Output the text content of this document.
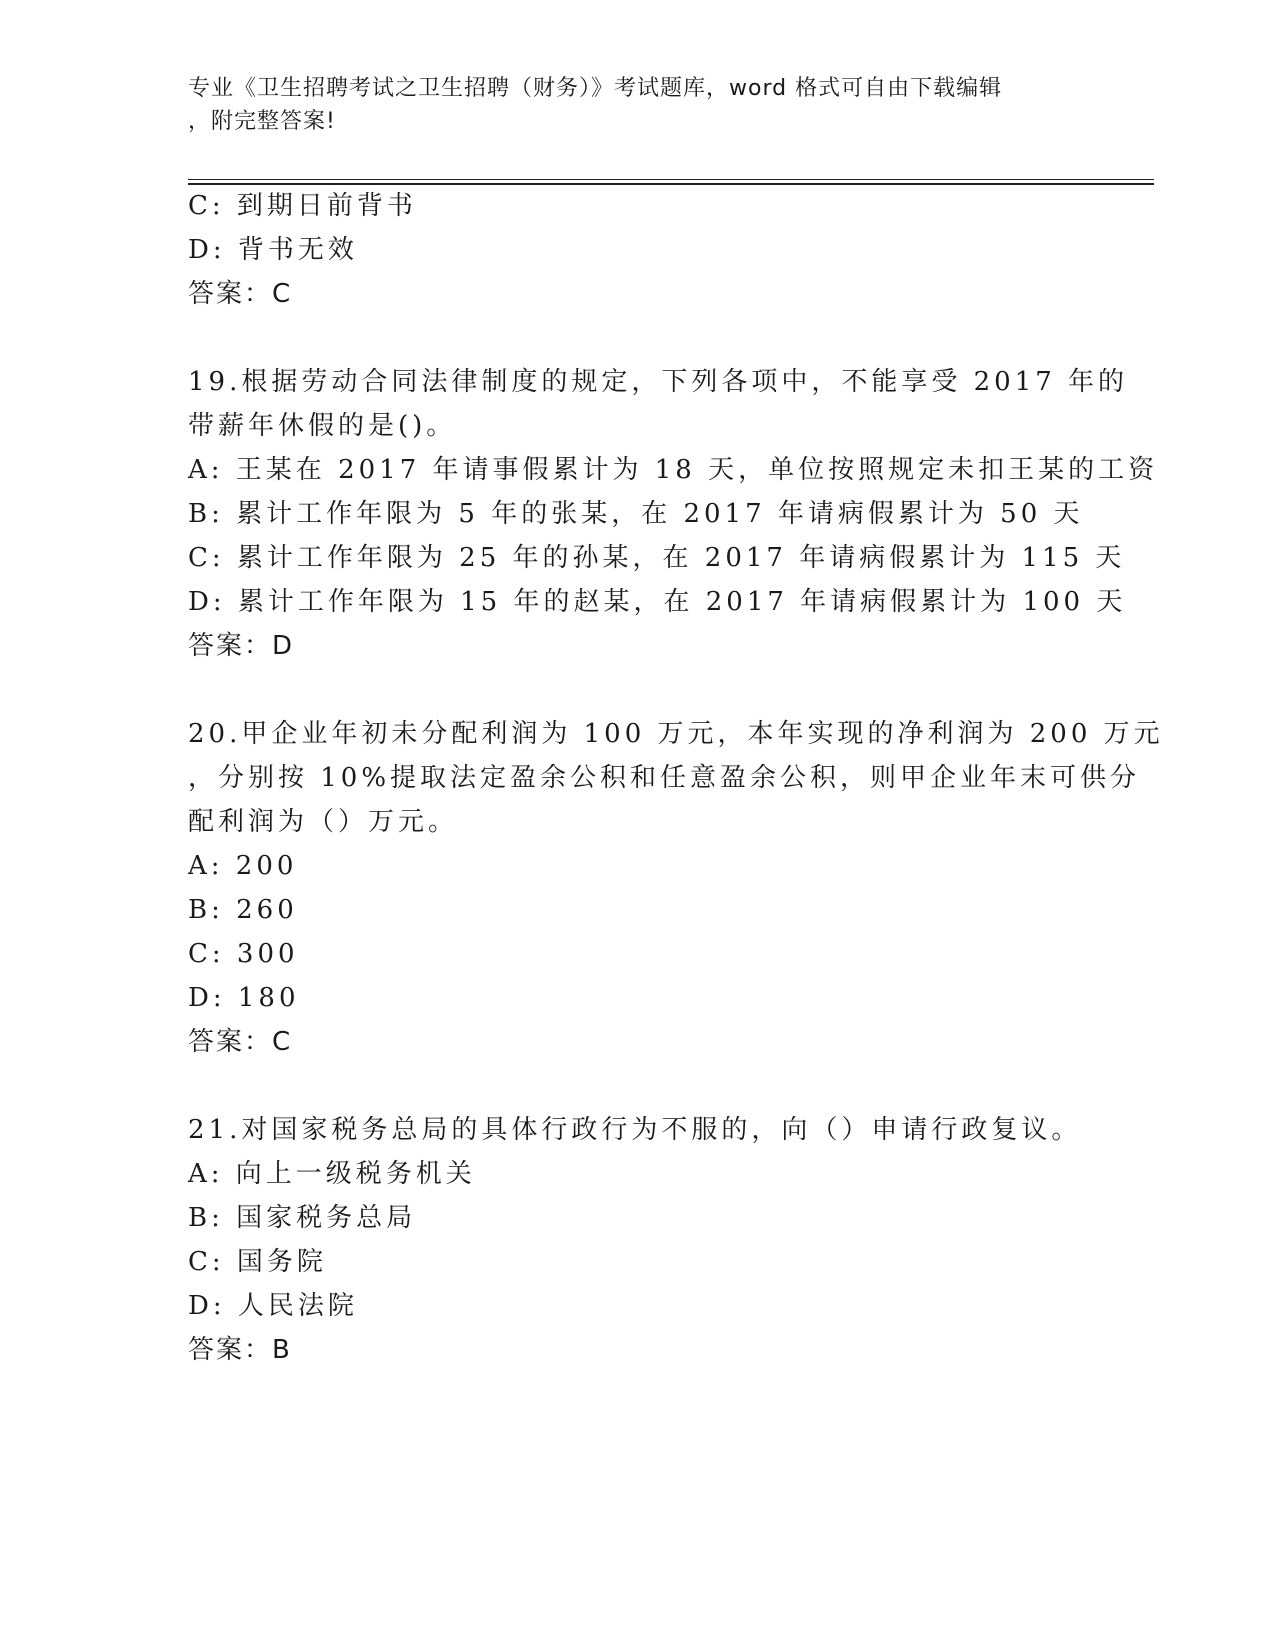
专业《卫生招聘考试之卫生招聘（财务）》考试题库，word 格式可自由下载编辑
，附完整答案!
C: 到期日前背书
D: 背书无效
答案：C
19.根据劳动合同法律制度的规定，下列各项中，不能享受 2017 年的
带薪年休假的是()。
A: 王某在 2017 年请事假累计为 18 天，单位按照规定未扣王某的工资
B: 累计工作年限为 5 年的张某，在 2017 年请病假累计为 50 天
C: 累计工作年限为 25 年的孙某，在 2017 年请病假累计为 115 天
D: 累计工作年限为 15 年的赵某，在 2017 年请病假累计为 100 天
答案：D
20.甲企业年初未分配利润为 100 万元，本年实现的净利润为 200 万元
，分别按 10%提取法定盈余公积和任意盈余公积，则甲企业年末可供分
配利润为（）万元。
A: 200
B: 260
C: 300
D: 180
答案：C
21.对国家税务总局的具体行政行为不服的，向（）申请行政复议。
A: 向上一级税务机关
B: 国家税务总局
C: 国务院
D: 人民法院
答案：B
